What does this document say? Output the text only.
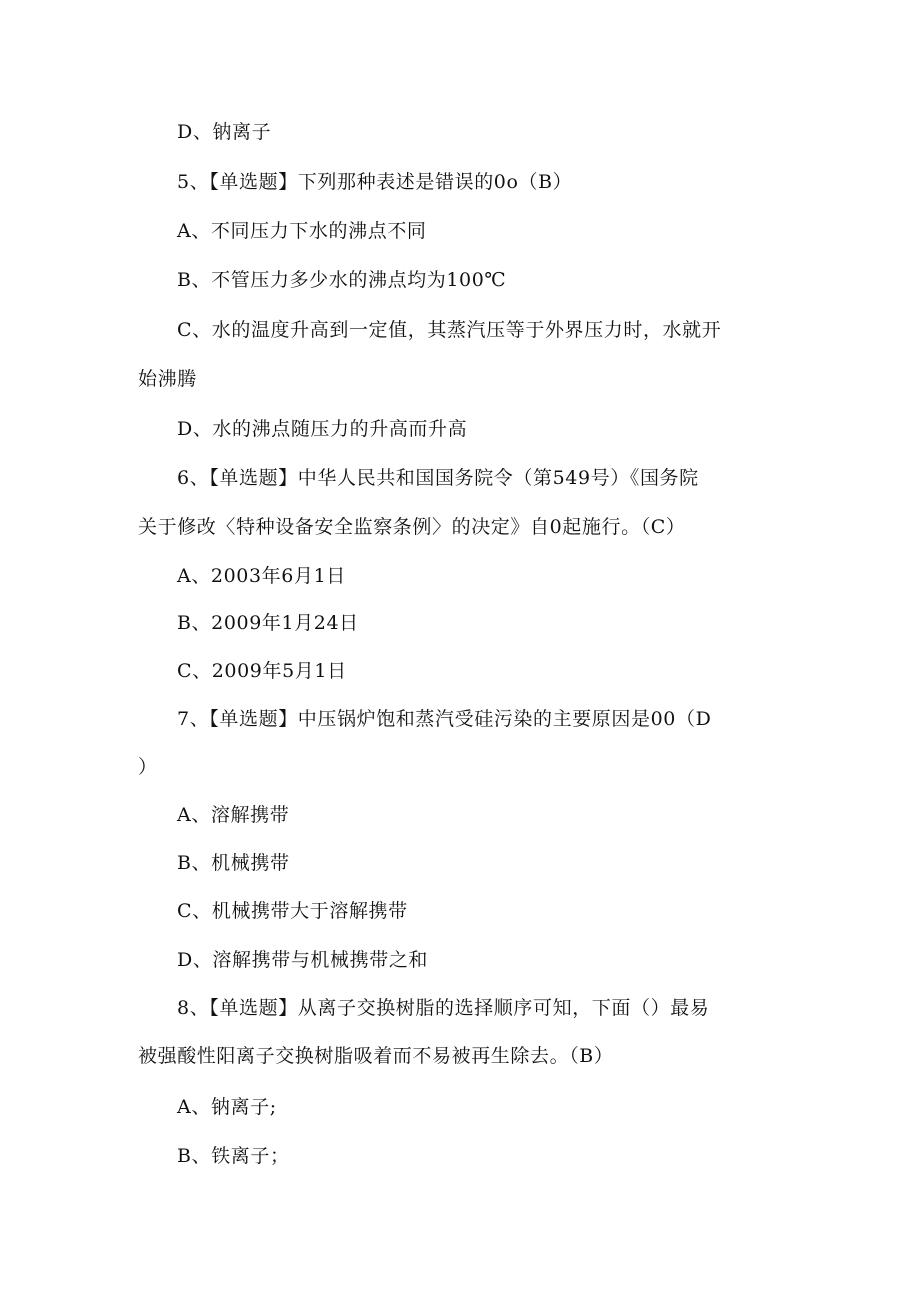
D、钠离子
5、【单选题】下列那种表述是错误的0o（B）
A、不同压力下水的沸点不同
B、不管压力多少水的沸点均为100℃
C、水的温度升高到一定值，其蒸汽压等于外界压力时，水就开
始沸腾
D、水的沸点随压力的升高而升高
6、【单选题】中华人民共和国国务院令（第549号）《国务院
关于修改〈特种设备安全监察条例〉的决定》自0起施行。（C）
A、2003年6月1日
B、2009年1月24日
C、2009年5月1日
7、【单选题】中压锅炉饱和蒸汽受硅污染的主要原因是00（D
）
A、溶解携带
B、机械携带
C、机械携带大于溶解携带
D、溶解携带与机械携带之和
8、【单选题】从离子交换树脂的选择顺序可知，下面（）最易
被强酸性阳离子交换树脂吸着而不易被再生除去。（B）
A、钠离子;
B、铁离子；
